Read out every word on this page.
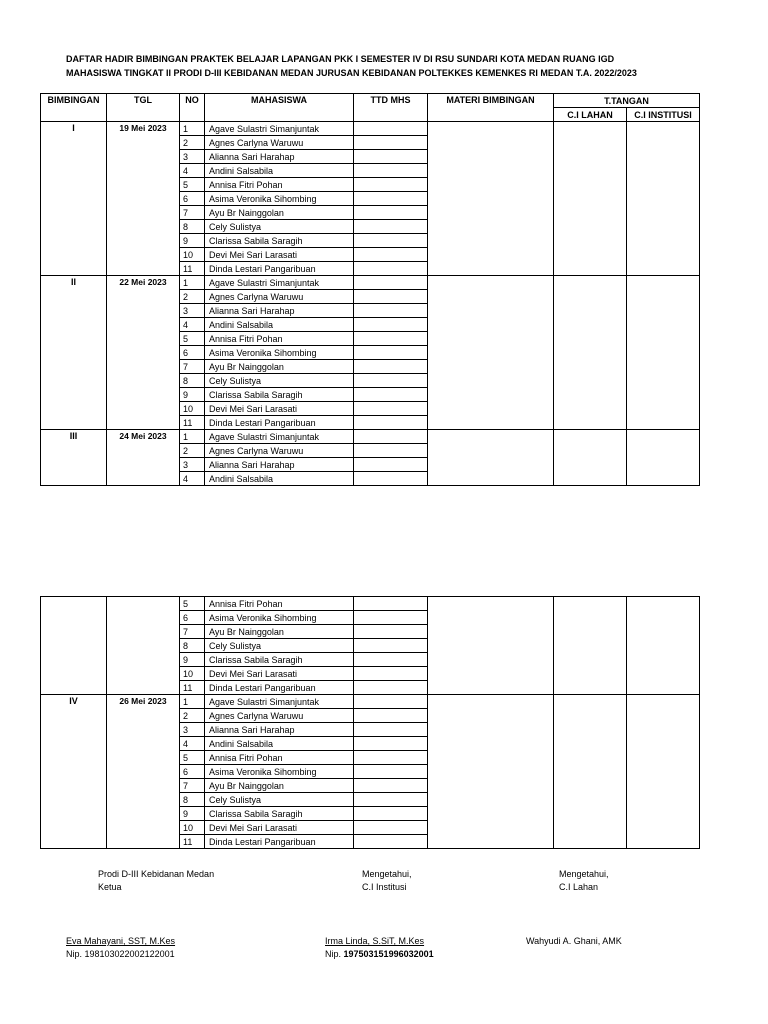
DAFTAR HADIR BIMBINGAN PRAKTEK BELAJAR LAPANGAN PKK I SEMESTER IV DI RSU SUNDARI KOTA MEDAN RUANG IGD
MAHASISWA TINGKAT II PRODI D-III KEBIDANAN MEDAN JURUSAN KEBIDANAN POLTEKKES KEMENKES RI MEDAN T.A. 2022/2023
BIMBINGAN	TGL	NO	MAHASISWA	TTD MHS	MATERI BIMBINGAN	T.TANGAN	
						C.I LAHAN	C.I INSTITUSI
I	19 Mei 2023	1	Agave Sulastri Simanjuntak				
		2	Agnes Carlyna Waruwu				
		3	Alianna Sari Harahap				
		4	Andini Salsabila				
		5	Annisa Fitri Pohan				
		6	Asima Veronika Sihombing				
		7	Ayu Br Nainggolan				
		8	Cely Sulistya				
		9	Clarissa Sabila Saragih				
		10	Devi Mei Sari Larasati				
		11	Dinda Lestari Pangaribuan				
II	22 Mei 2023	1	Agave Sulastri Simanjuntak				
		2	Agnes Carlyna Waruwu				
		3	Alianna Sari Harahap				
		4	Andini Salsabila				
		5	Annisa Fitri Pohan				
		6	Asima Veronika Sihombing				
		7	Ayu Br Nainggolan				
		8	Cely Sulistya				
		9	Clarissa Sabila Saragih				
		10	Devi Mei Sari Larasati				
		11	Dinda Lestari Pangaribuan				
III	24 Mei 2023	1	Agave Sulastri Simanjuntak				
		2	Agnes Carlyna Waruwu				
		3	Alianna Sari Harahap				
		4	Andini Salsabila				
		5	Annisa Fitri Pohan				
		6	Asima Veronika Sihombing				
		7	Ayu Br Nainggolan				
		8	Cely Sulistya				
		9	Clarissa Sabila Saragih				
		10	Devi Mei Sari Larasati				
		11	Dinda Lestari Pangaribuan				
IV	26 Mei 2023	1	Agave Sulastri Simanjuntak				
		2	Agnes Carlyna Waruwu				
		3	Alianna Sari Harahap				
		4	Andini Salsabila				
		5	Annisa Fitri Pohan				
		6	Asima Veronika Sihombing				
		7	Ayu Br Nainggolan				
		8	Cely Sulistya				
		9	Clarissa Sabila Saragih				
		10	Devi Mei Sari Larasati				
		11	Dinda Lestari Pangaribuan				
Prodi D-III Kebidanan Medan
Ketua
Mengetahui,
C.I Institusi
Mengetahui,
C.I Lahan
Eva Mahayani, SST, M.Kes
Nip. 198103022002122001
Irma Linda, S.SiT, M.Kes
Nip. 197503151996032001
Wahyudi A. Ghani, AMK
